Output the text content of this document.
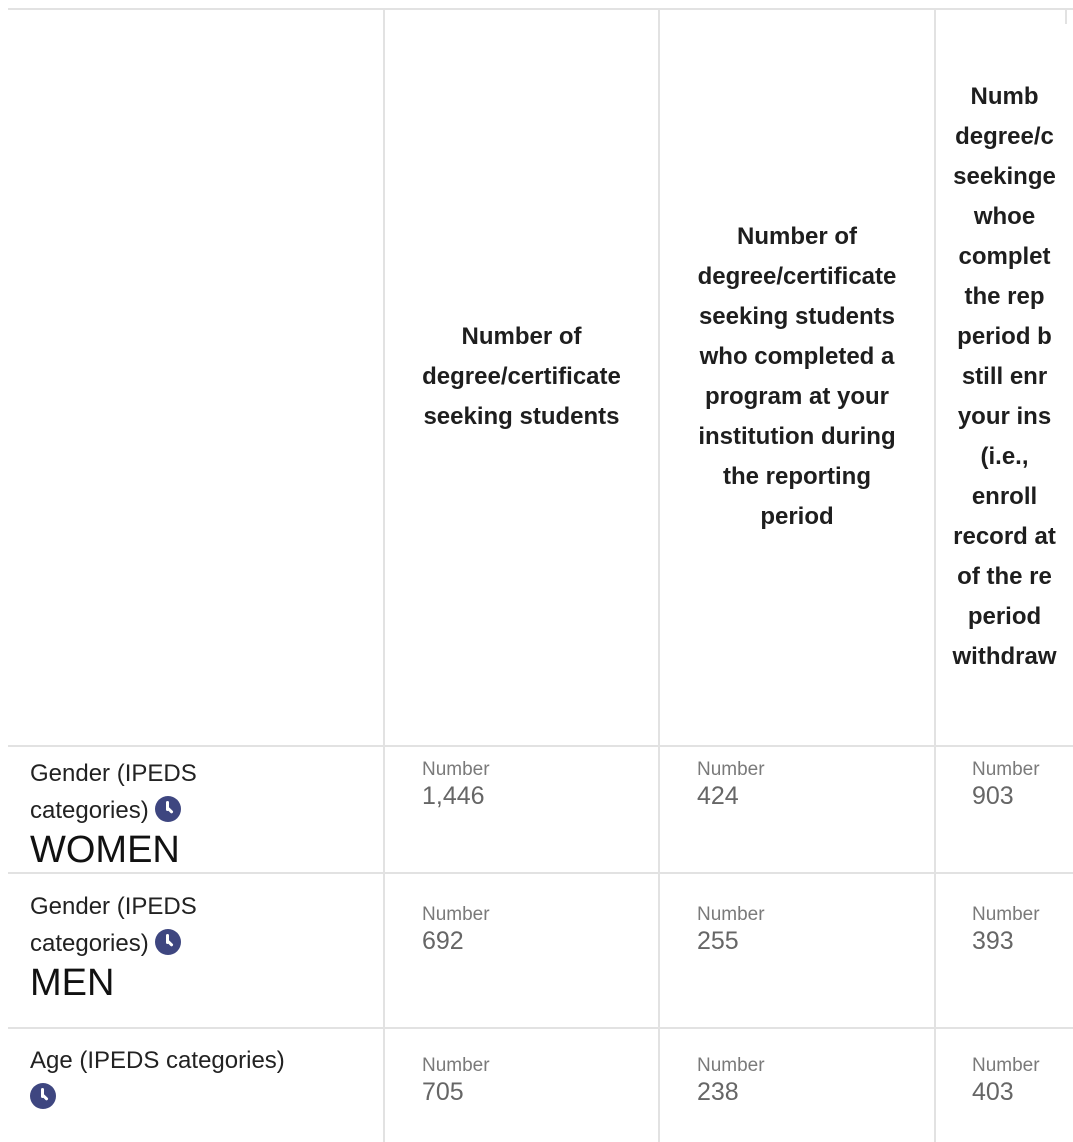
Number of
degree/certificate
seeking students
Number of
degree/certificate
seeking students
who completed a
program at your
institution during
the reporting
period
Numb
degree/c
seekinge
whoe
complet
the rep
period b
still enr
your ins
(i.e.,
enroll
record at
of the re
period
withdraw
Gender (IPEDS
categories)
WOMEN
Number
1,446
Number
424
Number
903
Gender (IPEDS
categories)
MEN
Number
692
Number
255
Number
393
Age (IPEDS categories)	Number
705
Number
238
Number
403
